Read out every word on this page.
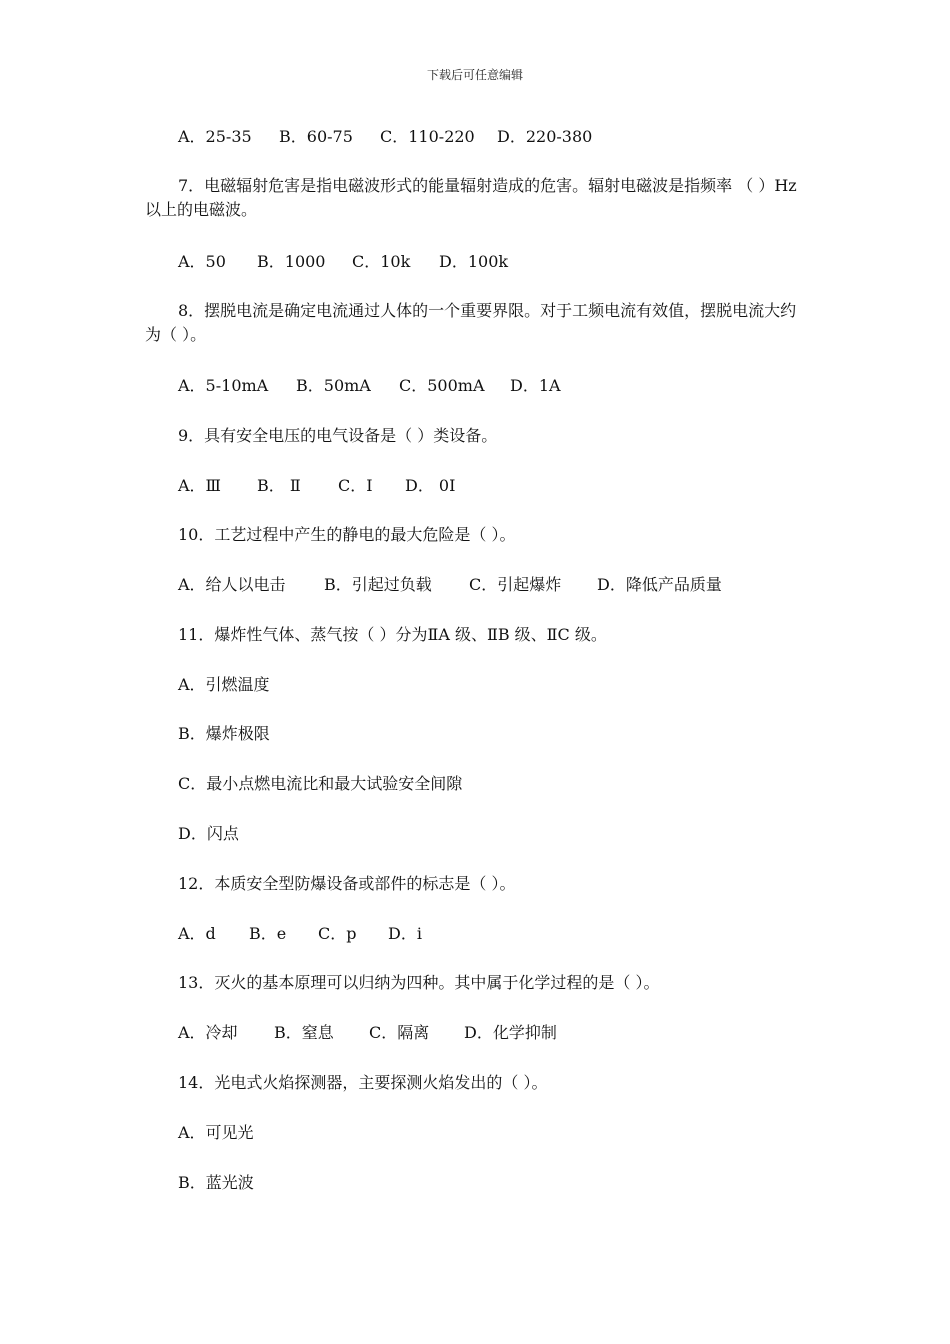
下载后可任意编辑
A．25-35 B．60-75 C．110-220 D．220-380
7．电磁辐射危害是指电磁波形式的能量辐射造成的危害。辐射电磁波是指频率 （ ）Hz 以上的电磁波。
A．50 B．1000 C．10k D．100k
8．摆脱电流是确定电流通过人体的一个重要界限。对于工频电流有效值，摆脱电流大约为（ ）。
A．5-10mA B．50mA C．500mA D．1A
9．具有安全电压的电气设备是（ ）类设备。
A．Ⅲ B． Ⅱ C．I D． 0I
10．工艺过程中产生的静电的最大危险是（ ）。
A．给人以电击 B．引起过负载 C．引起爆炸 D．降低产品质量
11．爆炸性气体、蒸气按（ ）分为ⅡA 级、ⅡB 级、ⅡC 级。
A．引燃温度
B．爆炸极限
C．最小点燃电流比和最大试验安全间隙
D．闪点
12．本质安全型防爆设备或部件的标志是（ ）。
A．d B．e C．p D．i
13．灭火的基本原理可以归纳为四种。其中属于化学过程的是（ ）。
A．冷却 B．窒息 C．隔离 D．化学抑制
14．光电式火焰探测器，主要探测火焰发出的（ ）。
A．可见光
B．蓝光波
